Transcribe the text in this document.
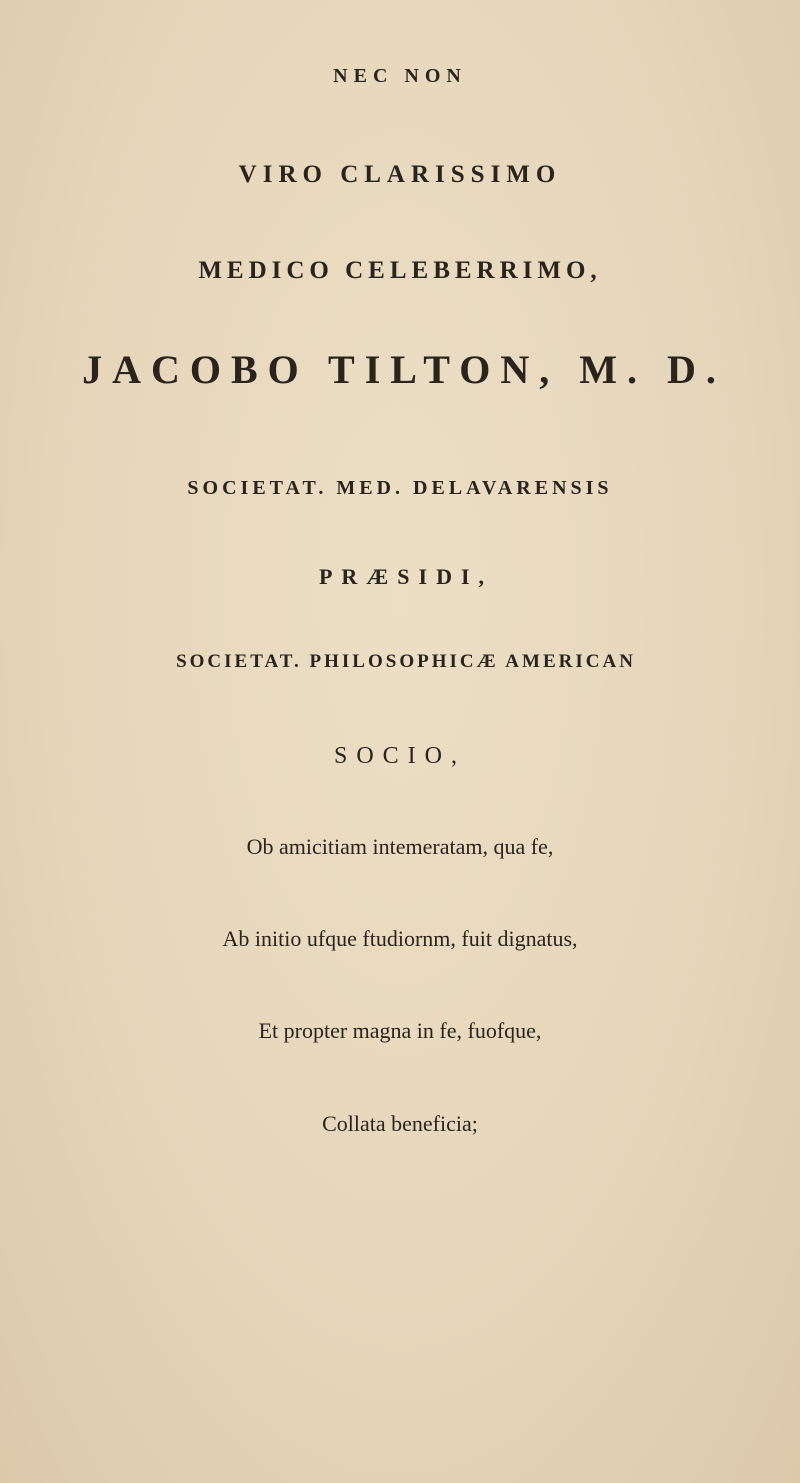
NEC NON
VIRO CLARISSIMO
MEDICO CELEBERRIMO,
JACOBO TILTON, M. D.
SOCIETAT. MED. DELAVARENSIS
PRÆSIDI,
SOCIETAT. PHILOSOPHICÆ AMERICAN
SOCIO,
Ob amicitiam intemeratam, qua fe,
Ab initio ufque ftudiornm, fuit dignatus,
Et propter magna in fe, fuofque,
Collata beneficia;
